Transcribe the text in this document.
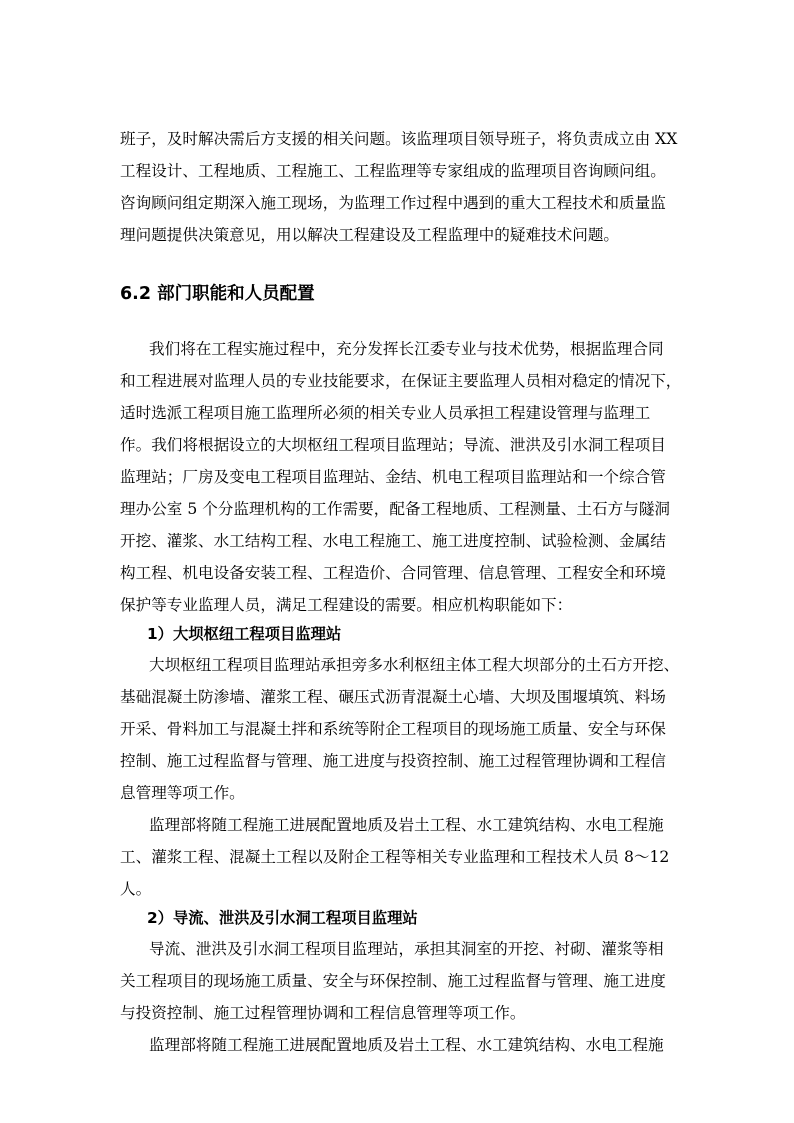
班子，及时解决需后方支援的相关问题。该监理项目领导班子，将负责成立由 XX
工程设计、工程地质、工程施工、工程监理等专家组成的监理项目咨询顾问组。
咨询顾问组定期深入施工现场，为监理工作过程中遇到的重大工程技术和质量监
理问题提供决策意见，用以解决工程建设及工程监理中的疑难技术问题。
6.2 部门职能和人员配置
我们将在工程实施过程中，充分发挥长江委专业与技术优势，根据监理合同
和工程进展对监理人员的专业技能要求，在保证主要监理人员相对稳定的情况下，
适时选派工程项目施工监理所必须的相关专业人员承担工程建设管理与监理工
作。我们将根据设立的大坝枢纽工程项目监理站；导流、泄洪及引水洞工程项目
监理站；厂房及变电工程项目监理站、金结、机电工程项目监理站和一个综合管
理办公室 5 个分监理机构的工作需要，配备工程地质、工程测量、土石方与隧洞
开挖、灌浆、水工结构工程、水电工程施工、施工进度控制、试验检测、金属结
构工程、机电设备安装工程、工程造价、合同管理、信息管理、工程安全和环境
保护等专业监理人员，满足工程建设的需要。相应机构职能如下：
1）大坝枢纽工程项目监理站
大坝枢纽工程项目监理站承担旁多水利枢纽主体工程大坝部分的土石方开挖、
基础混凝土防渗墙、灌浆工程、碾压式沥青混凝土心墙、大坝及围堰填筑、料场
开采、骨料加工与混凝土拌和系统等附企工程项目的现场施工质量、安全与环保
控制、施工过程监督与管理、施工进度与投资控制、施工过程管理协调和工程信
息管理等项工作。
监理部将随工程施工进展配置地质及岩土工程、水工建筑结构、水电工程施
工、灌浆工程、混凝土工程以及附企工程等相关专业监理和工程技术人员 8～12
人。
2）导流、泄洪及引水洞工程项目监理站
导流、泄洪及引水洞工程项目监理站，承担其洞室的开挖、衬砌、灌浆等相
关工程项目的现场施工质量、安全与环保控制、施工过程监督与管理、施工进度
与投资控制、施工过程管理协调和工程信息管理等项工作。
监理部将随工程施工进展配置地质及岩土工程、水工建筑结构、水电工程施
